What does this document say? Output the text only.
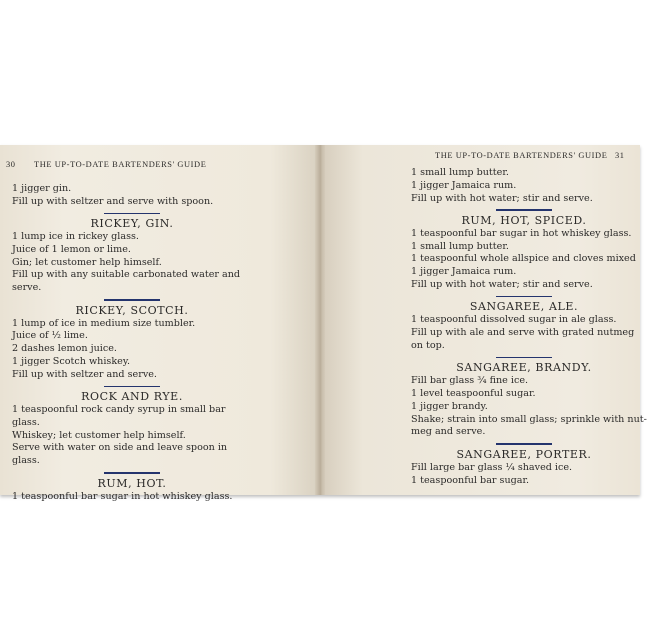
30 THE UP-TO-DATE BARTENDERS' GUIDE
1 jigger gin.
Fill up with seltzer and serve with spoon.
RICKEY, GIN.
1 lump ice in rickey glass.
Juice of 1 lemon or lime.
Gin; let customer help himself.
Fill up with any suitable carbonated water and
serve.
RICKEY, SCOTCH.
1 lump of ice in medium size tumbler.
Juice of ½ lime.
2 dashes lemon juice.
1 jigger Scotch whiskey.
Fill up with seltzer and serve.
ROCK AND RYE.
1 teaspoonful rock candy syrup in small bar
glass.
Whiskey; let customer help himself.
Serve with water on side and leave spoon in
glass.
RUM, HOT.
1 teaspoonful bar sugar in hot whiskey glass.
THE UP-TO-DATE BARTENDERS' GUIDE 31
1 small lump butter.
1 jigger Jamaica rum.
Fill up with hot water; stir and serve.
RUM, HOT, SPICED.
1 teaspoonful bar sugar in hot whiskey glass.
1 small lump butter.
1 teaspoonful whole allspice and cloves mixed
1 jigger Jamaica rum.
Fill up with hot water; stir and serve.
SANGAREE, ALE.
1 teaspoonful dissolved sugar in ale glass.
Fill up with ale and serve with grated nutmeg
on top.
SANGAREE, BRANDY.
Fill bar glass ¾ fine ice.
1 level teaspoonful sugar.
1 jigger brandy.
Shake; strain into small glass; sprinkle with nut-
meg and serve.
SANGAREE, PORTER.
Fill large bar glass ¼ shaved ice.
1 teaspoonful bar sugar.
